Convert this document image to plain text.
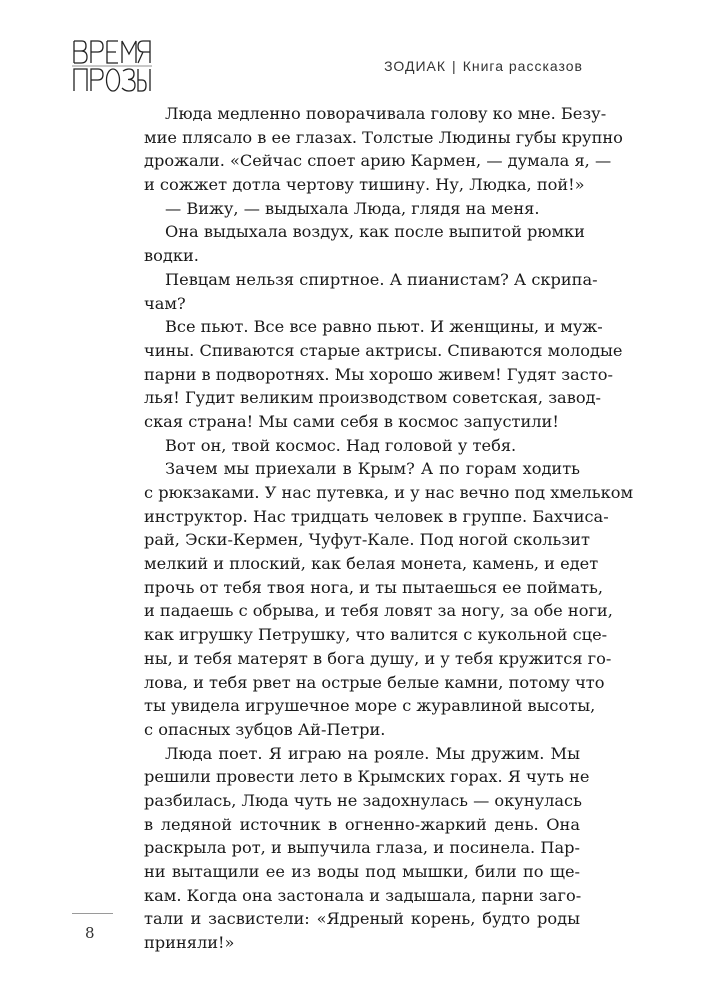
ЗОДИАК | Книга рассказов
Люда медленно поворачивала голову ко мне. Безу-
мие плясало в ее глазах. Толстые Людины губы крупно
дрожали. «Сейчас споет арию Кармен, — думала я, —
и сожжет дотла чертову тишину. Ну, Людка, пой!»
— Вижу, — выдыхала Люда, глядя на меня.
Она выдыхала воздух, как после выпитой рюмки
водки.
Певцам нельзя спиртное. А пианистам? А скрипа-
чам?
Все пьют. Все все равно пьют. И женщины, и муж-
чины. Спиваются старые актрисы. Спиваются молодые
парни в подворотнях. Мы хорошо живем! Гудят засто-
лья! Гудит великим производством советская, завод-
ская страна! Мы сами себя в космос запустили!
Вот он, твой космос. Над головой у тебя.
Зачем мы приехали в Крым? А по горам ходить
с рюкзаками. У нас путевка, и у нас вечно под хмельком
инструктор. Нас тридцать человек в группе. Бахчиса-
рай, Эски-Кермен, Чуфут-Кале. Под ногой скользит
мелкий и плоский, как белая монета, камень, и едет
прочь от тебя твоя нога, и ты пытаешься ее поймать,
и падаешь с обрыва, и тебя ловят за ногу, за обе ноги,
как игрушку Петрушку, что валится с кукольной сце-
ны, и тебя матерят в бога душу, и у тебя кружится го-
лова, и тебя рвет на острые белые камни, потому что
ты увидела игрушечное море с журавлиной высоты,
с опасных зубцов Ай-Петри.
Люда поет. Я играю на рояле. Мы дружим. Мы
решили провести лето в Крымских горах. Я чуть не
разбилась, Люда чуть не задохнулась — окунулась
в ледяной источник в огненно-жаркий день. Она
раскрыла рот, и выпучила глаза, и посинела. Пар-
ни вытащили ее из воды под мышки, били по ще-
кам. Когда она застонала и задышала, парни заго-
тали и засвистели: «Ядреный корень, будто роды
приняли!»
8
